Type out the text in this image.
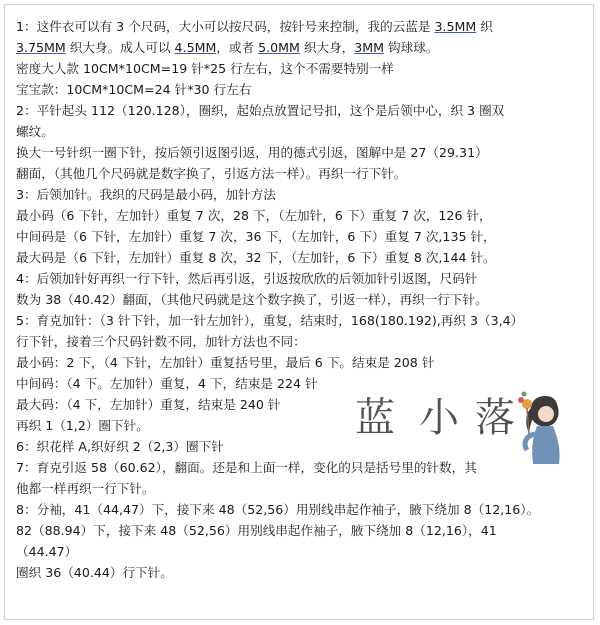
1：这件衣可以有 3 个尺码，大小可以按尺码，按针号来控制，我的云蓝是 3.5MM 织
3.75MM 织大身。成人可以 4.5MM，或者 5.0MM 织大身，3MM 钩球球。
密度大人款 10CM*10CM=19 针*25 行左右，这个不需要特别一样
宝宝款：10CM*10CM=24 针*30 行左右
2：平针起头 112（120.128），圈织，起始点放置记号扣，这个是后领中心，织 3 圈双
螺纹。
换大一号针织一圈下针，按后领引返图引返，用的德式引返，图解中是 27（29.31）
翻面，（其他几个尺码就是数字换了，引返方法一样）。再织一行下针。
3：后领加针。我织的尺码是最小码，加针方法
最小码（6 下针，左加针）重复 7 次，28 下，（左加针，6 下）重复 7 次，126 针，
中间码是（6 下针，左加针）重复 7 次，36 下，（左加针，6 下）重复 7 次,135 针，
最大码是（6 下针，左加针）重复 8 次，32 下，（左加针，6 下）重复 8 次,144 针。
4：后领加针好再织一行下针，然后再引返，引返按欣欣的后领加针引返图，尺码针
数为 38（40.42）翻面，（其他尺码就是这个数字换了，引返一样），再织一行下针。
5：育克加针：（3 针下针，加一针左加针），重复，结束时，168(180.192),再织 3（3,4）
行下针，接着三个尺码针数不同，加针方法也不同：
最小码：2 下，（4 下针，左加针）重复括号里，最后 6 下。结束是 208 针
中间码：（4 下。左加针）重复，4 下，结束是 224 针
最大码：（4 下，左加针）重复，结束是 240 针
再织 1（1,2）圈下针。
6：织花样 A,织好织 2（2,3）圈下针
7：育克引返 58（60.62），翻面。还是和上面一样，变化的只是括号里的针数，其
他都一样再织一行下针。
8：分袖，41（44,47）下，接下来 48（52,56）用别线串起作袖子，腋下绕加 8（12,16）。
82（88.94）下，接下来 48（52,56）用别线串起作袖子，腋下绕加 8（12,16），41
（44.47）
圈织 36（40.44）行下针。
蓝 小 落
